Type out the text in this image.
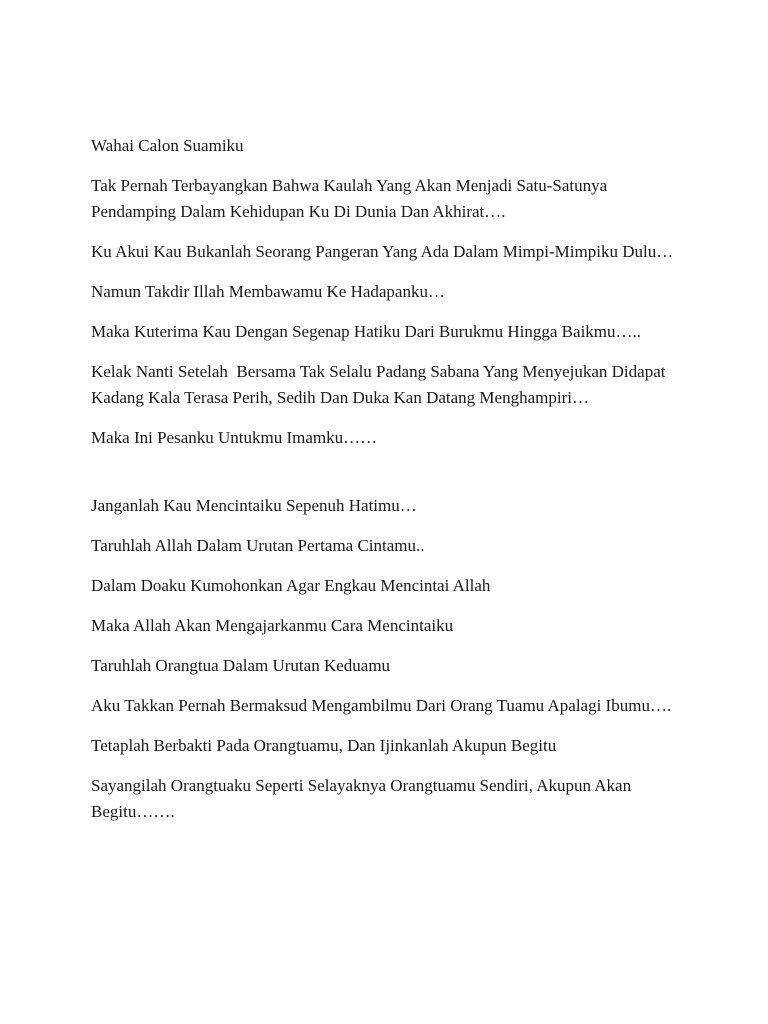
Wahai Calon Suamiku

Tak Pernah Terbayangkan Bahwa Kaulah Yang Akan Menjadi Satu-Satunya Pendamping Dalam Kehidupan Ku Di Dunia Dan Akhirat….

Ku Akui Kau Bukanlah Seorang Pangeran Yang Ada Dalam Mimpi-Mimpiku Dulu…

Namun Takdir Illah Membawamu Ke Hadapanku…

Maka Kuterima Kau Dengan Segenap Hatiku Dari Burukmu Hingga Baikmu…..

Kelak Nanti Setelah  Bersama Tak Selalu Padang Sabana Yang Menyejukan Didapat Kadang Kala Terasa Perih, Sedih Dan Duka Kan Datang Menghampiri…

Maka Ini Pesanku Untukmu Imamku……

Janganlah Kau Mencintaiku Sepenuh Hatimu…

Taruhlah Allah Dalam Urutan Pertama Cintamu..

Dalam Doaku Kumohonkan Agar Engkau Mencintai Allah

Maka Allah Akan Mengajarkanmu Cara Mencintaiku

Taruhlah Orangtua Dalam Urutan Keduamu

Aku Takkan Pernah Bermaksud Mengambilmu Dari Orang Tuamu Apalagi Ibumu….

Tetaplah Berbakti Pada Orangtuamu, Dan Ijinkanlah Akupun Begitu

Sayangilah Orangtuaku Seperti Selayaknya Orangtuamu Sendiri, Akupun Akan Begitu…….
